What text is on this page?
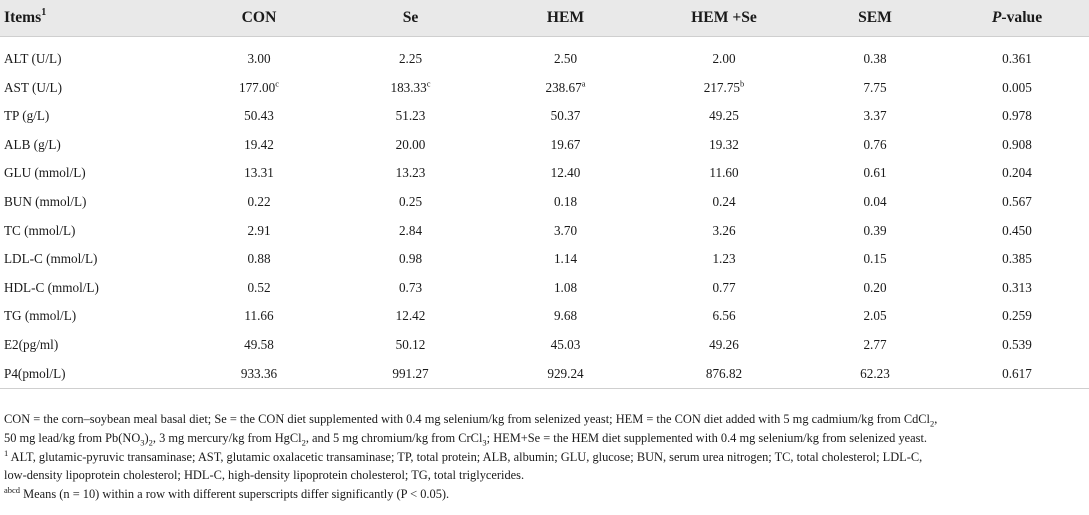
Items$^1$	CON	Se	HEM	HEM +Se	SEM	P-value

ALT (U/L)	3.00	2.25	2.50	2.00	0.38	0.361
AST (U/L)	177.00$^c$	183.33$^c$	238.67$^a$	217.75$^b$	7.75	0.005
TP (g/L)	50.43	51.23	50.37	49.25	3.37	0.978
ALB (g/L)	19.42	20.00	19.67	19.32	0.76	0.908
GLU (mmol/L)	13.31	13.23	12.40	11.60	0.61	0.204
BUN (mmol/L)	0.22	0.25	0.18	0.24	0.04	0.567
TC (mmol/L)	2.91	2.84	3.70	3.26	0.39	0.450
LDL-C (mmol/L)	0.88	0.98	1.14	1.23	0.15	0.385
HDL-C (mmol/L)	0.52	0.73	1.08	0.77	0.20	0.313
TG (mmol/L)	11.66	12.42	9.68	6.56	2.05	0.259
E2(pg/ml)	49.58	50.12	45.03	49.26	2.77	0.539
P4(pmol/L)	933.36	991.27	929.24	876.82	62.23	0.617

CON = the corn–soybean meal basal diet; Se = the CON diet supplemented with 0.4 mg selenium/kg from selenized yeast; HEM = the CON diet added with 5 mg cadmium/kg from CdCl$_2$,
50 mg lead/kg from $Pb(NO_3)_2$, 3 mg mercury/kg from HgCl$_2$, and 5 mg chromium/kg from CrCl$_3$; HEM+Se = the HEM diet supplemented with 0.4 mg selenium/kg from selenized yeast.

$^1$ ALT, glutamic-pyruvic transaminase; AST, glutamic oxalacetic transaminase; TP, total protein; ALB, albumin; GLU, glucose; BUN, serum urea nitrogen; TC, total cholesterol; LDL-C,
low-density lipoprotein cholesterol; HDL-C, high-density lipoprotein cholesterol; TG, total triglycerides.

$^{abcd}$ Means (n = 10) within a row with different superscripts differ significantly (P < 0.05).
